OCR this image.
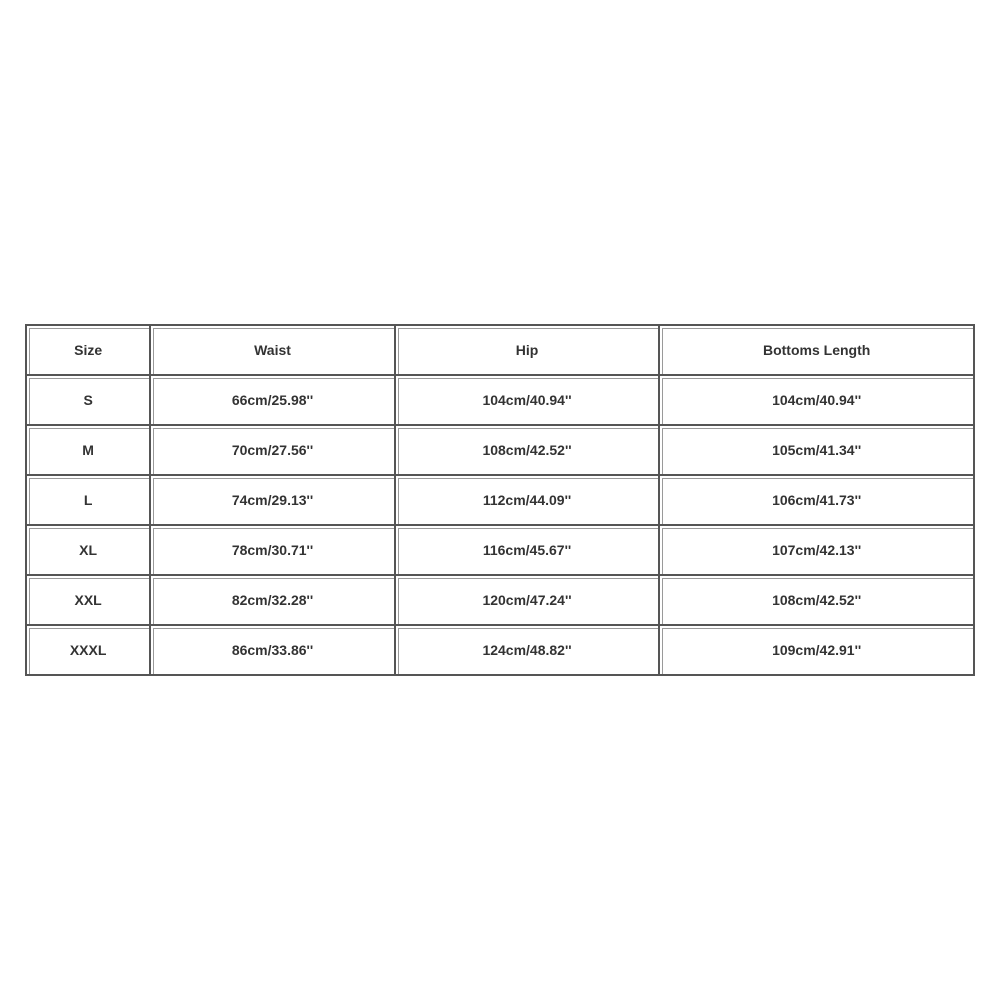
Size	Waist	Hip	Bottoms Length
S	66cm/25.98''	104cm/40.94''	104cm/40.94''
M	70cm/27.56''	108cm/42.52''	105cm/41.34''
L	74cm/29.13''	112cm/44.09''	106cm/41.73''
XL	78cm/30.71''	116cm/45.67''	107cm/42.13''
XXL	82cm/32.28''	120cm/47.24''	108cm/42.52''
XXXL	86cm/33.86''	124cm/48.82''	109cm/42.91''
